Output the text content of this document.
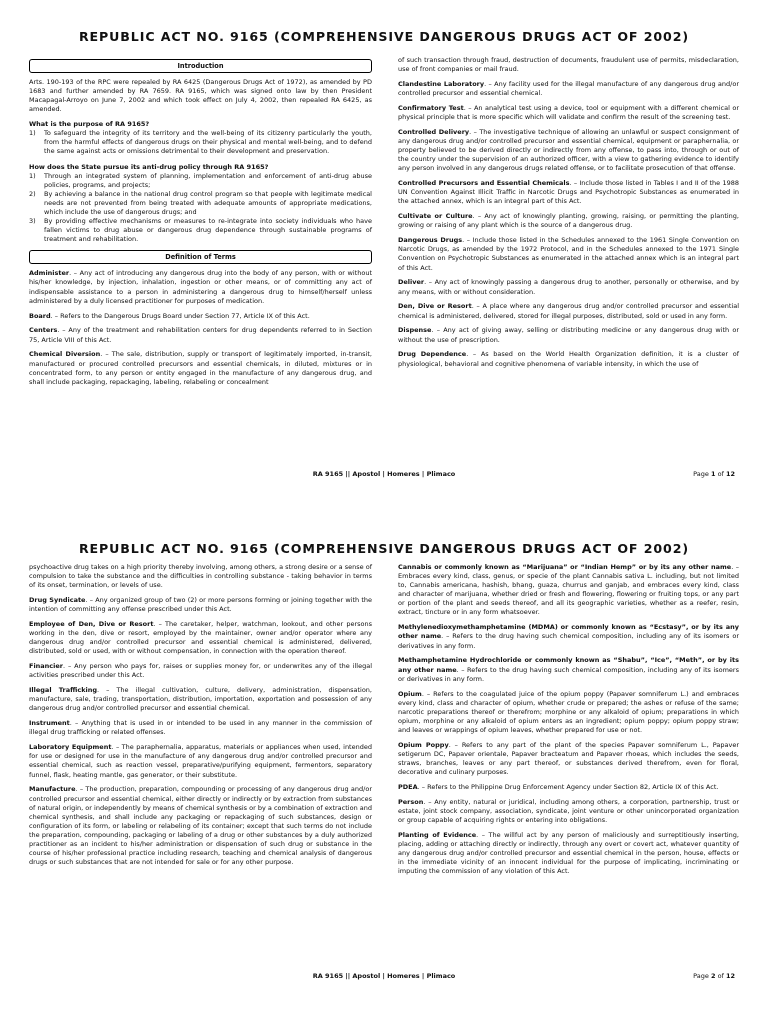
REPUBLIC ACT NO. 9165 (COMPREHENSIVE DANGEROUS DRUGS ACT OF 2002)
Introduction

Arts. 190-193 of the RPC were repealed by RA 6425 (Dangerous Drugs Act of 1972), as amended by PD 1683 and further amended by RA 7659. RA 9165, which was signed onto law by then President Macapagal-Arroyo on June 7, 2002 and which took effect on July 4, 2002, then repealed RA 6425, as amended.

What is the purpose of RA 9165?

1) To safeguard the integrity of its territory and the well-being of its citizenry particularly the youth, from the harmful effects of dangerous drugs on their physical and mental well-being, and to defend the same against acts or omissions detrimental to their development and preservation.

How does the State pursue its anti-drug policy through RA 9165?

1) Through an integrated system of planning, implementation and enforcement of anti-drug abuse policies, programs, and projects;
2) By achieving a balance in the national drug control program so that people with legitimate medical needs are not prevented from being treated with adequate amounts of appropriate medications, which include the use of dangerous drugs; and
3) By providing effective mechanisms or measures to re-integrate into society individuals who have fallen victims to drug abuse or dangerous drug dependence through sustainable programs of treatment and rehabilitation.
Definition of Terms

Administer. – Any act of introducing any dangerous drug into the body of any person, with or without his/her knowledge, by injection, inhalation, ingestion or other means, or of committing any act of indispensable assistance to a person in administering a dangerous drug to himself/herself unless administered by a duly licensed practitioner for purposes of medication.

Board. – Refers to the Dangerous Drugs Board under Section 77, Article IX of this Act.

Centers. – Any of the treatment and rehabilitation centers for drug dependents referred to in Section 75, Article VIII of this Act.

Chemical Diversion. – The sale, distribution, supply or transport of legitimately imported, in-transit, manufactured or procured controlled precursors and essential chemicals, in diluted, mixtures or in concentrated form, to any person or entity engaged in the manufacture of any dangerous drug, and shall include packaging, repackaging, labeling, relabeling or concealment

of such transaction through fraud, destruction of documents, fraudulent use of permits, misdeclaration, use of front companies or mail fraud.

Clandestine Laboratory. – Any facility used for the illegal manufacture of any dangerous drug and/or controlled precursor and essential chemical.

Confirmatory Test. – An analytical test using a device, tool or equipment with a different chemical or physical principle that is more specific which will validate and confirm the result of the screening test.

Controlled Delivery. – The investigative technique of allowing an unlawful or suspect consignment of any dangerous drug and/or controlled precursor and essential chemical, equipment or paraphernalia, or property believed to be derived directly or indirectly from any offense, to pass into, through or out of the country under the supervision of an authorized officer, with a view to gathering evidence to identify any person involved in any dangerous drugs related offense, or to facilitate prosecution of that offense.

Controlled Precursors and Essential Chemicals. – Include those listed in Tables I and II of the 1988 UN Convention Against Illicit Traffic in Narcotic Drugs and Psychotropic Substances as enumerated in the attached annex, which is an integral part of this Act.

Cultivate or Culture. – Any act of knowingly planting, growing, raising, or permitting the planting, growing or raising of any plant which is the source of a dangerous drug.

Dangerous Drugs. – Include those listed in the Schedules annexed to the 1961 Single Convention on Narcotic Drugs, as amended by the 1972 Protocol, and in the Schedules annexed to the 1971 Single Convention on Psychotropic Substances as enumerated in the attached annex which is an integral part of this Act.

Deliver. – Any act of knowingly passing a dangerous drug to another, personally or otherwise, and by any means, with or without consideration.

Den, Dive or Resort. – A place where any dangerous drug and/or controlled precursor and essential chemical is administered, delivered, stored for illegal purposes, distributed, sold or used in any form.

Dispense. – Any act of giving away, selling or distributing medicine or any dangerous drug with or without the use of prescription.

Drug Dependence. – As based on the World Health Organization definition, it is a cluster of physiological, behavioral and cognitive phenomena of variable intensity, in which the use of

RA 9165 || Apostol | Homeres | Plimaco	Page 1 of 12
REPUBLIC ACT NO. 9165 (COMPREHENSIVE DANGEROUS DRUGS ACT OF 2002)

psychoactive drug takes on a high priority thereby involving, among others, a strong desire or a sense of compulsion to take the substance and the difficulties in controlling substance - taking behavior in terms of its onset, termination, or levels of use.

Drug Syndicate. – Any organized group of two (2) or more persons forming or joining together with the intention of committing any offense prescribed under this Act.

Employee of Den, Dive or Resort. – The caretaker, helper, watchman, lookout, and other persons working in the den, dive or resort, employed by the maintainer, owner and/or operator where any dangerous drug and/or controlled precursor and essential chemical is administered, delivered, distributed, sold or used, with or without compensation, in connection with the operation thereof.

Financier. – Any person who pays for, raises or supplies money for, or underwrites any of the illegal activities prescribed under this Act.

Illegal Trafficking. – The illegal cultivation, culture, delivery, administration, dispensation, manufacture, sale, trading, transportation, distribution, importation, exportation and possession of any dangerous drug and/or controlled precursor and essential chemical.

Instrument. – Anything that is used in or intended to be used in any manner in the commission of illegal drug trafficking or related offenses.

Laboratory Equipment. – The paraphernalia, apparatus, materials or appliances when used, intended for use or designed for use in the manufacture of any dangerous drug and/or controlled precursor and essential chemical, such as reaction vessel, preparative/purifying equipment, fermentors, separatory funnel, flask, heating mantle, gas generator, or their substitute.

Manufacture. – The production, preparation, compounding or processing of any dangerous drug and/or controlled precursor and essential chemical, either directly or indirectly or by extraction from substances of natural origin, or independently by means of chemical synthesis or by a combination of extraction and chemical synthesis, and shall include any packaging or repackaging of such substances, design or configuration of its form, or labeling or relabeling of its container; except that such terms do not include the preparation, compounding, packaging or labeling of a drug or other substances by a duly authorized practitioner as an incident to his/her administration or dispensation of such drug or substance in the course of his/her professional practice including research, teaching and chemical analysis of dangerous drugs or such substances that are not intended for sale or for any other purpose.

Cannabis or commonly known as “Marijuana” or “Indian Hemp” or by its any other name. – Embraces every kind, class, genus, or specie of the plant Cannabis sativa L. including, but not limited to, Cannabis americana, hashish, bhang, guaza, churrus and ganjab, and embraces every kind, class and character of marijuana, whether dried or fresh and flowering, flowering or fruiting tops, or any part or portion of the plant and seeds thereof, and all its geographic varieties, whether as a reefer, resin, extract, tincture or in any form whatsoever.

Methylenedioxymethamphetamine (MDMA) or commonly known as “Ecstasy”, or by its any other name. – Refers to the drug having such chemical composition, including any of its isomers or derivatives in any form.

Methamphetamine Hydrochloride or commonly known as “Shabu”, “Ice”, “Meth”, or by its any other name. – Refers to the drug having such chemical composition, including any of its isomers or derivatives in any form.

Opium. – Refers to the coagulated juice of the opium poppy (Papaver somniferum L.) and embraces every kind, class and character of opium, whether crude or prepared; the ashes or refuse of the same; narcotic preparations thereof or therefrom; morphine or any alkaloid of opium; preparations in which opium, morphine or any alkaloid of opium enters as an ingredient; opium poppy; opium poppy straw; and leaves or wrappings of opium leaves, whether prepared for use or not.

Opium Poppy. – Refers to any part of the plant of the species Papaver somniferum L., Papaver setigerum DC, Papaver orientale, Papaver bracteatum and Papaver rhoeas, which includes the seeds, straws, branches, leaves or any part thereof, or substances derived therefrom, even for floral, decorative and culinary purposes.

PDEA. – Refers to the Philippine Drug Enforcement Agency under Section 82, Article IX of this Act.

Person. – Any entity, natural or juridical, including among others, a corporation, partnership, trust or estate, joint stock company, association, syndicate, joint venture or other unincorporated organization or group capable of acquiring rights or entering into obligations.

Planting of Evidence. – The willful act by any person of maliciously and surreptitiously inserting, placing, adding or attaching directly or indirectly, through any overt or covert act, whatever quantity of any dangerous drug and/or controlled precursor and essential chemical in the person, house, effects or in the immediate vicinity of an innocent individual for the purpose of implicating, incriminating or imputing the commission of any violation of this Act.

RA 9165 || Apostol | Homeres | Plimaco	Page 2 of 12
